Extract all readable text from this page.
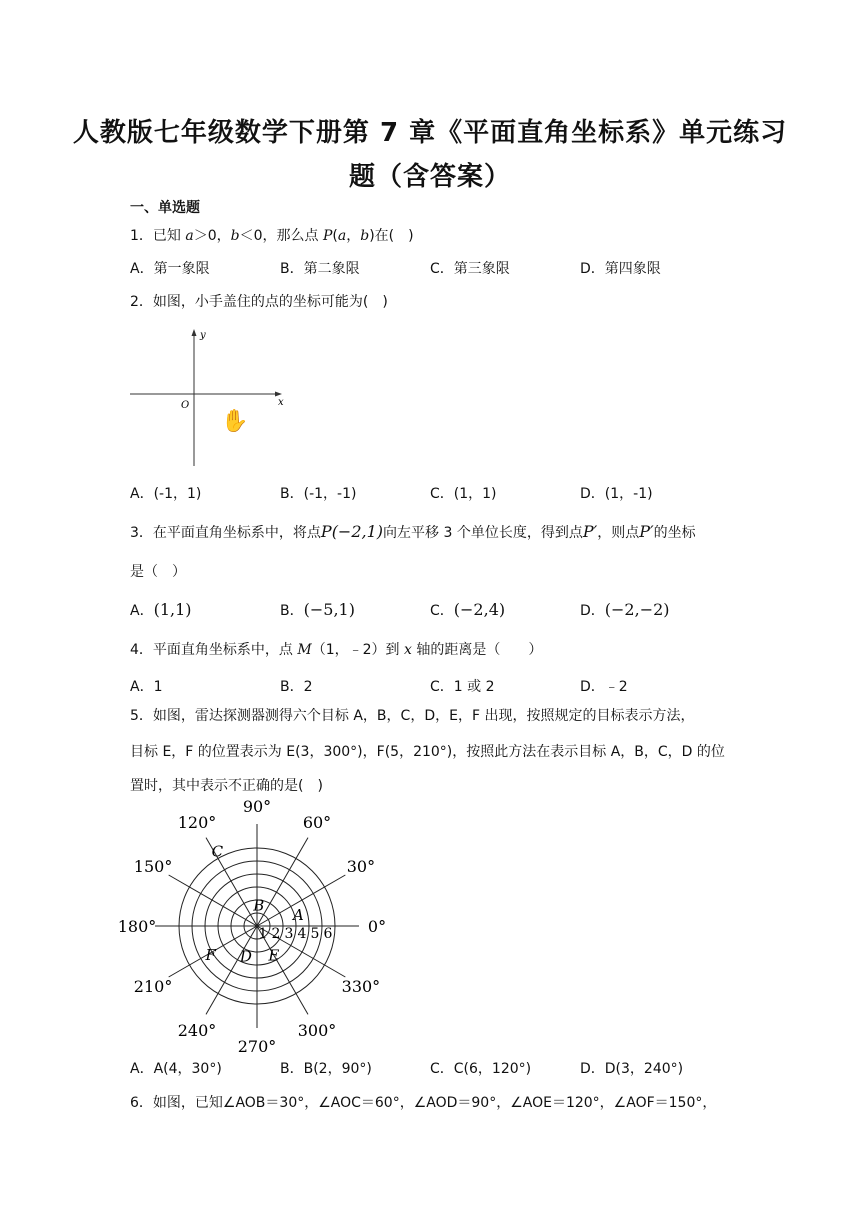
人教版七年级数学下册第 7 章《平面直角坐标系》单元练习
题（含答案）
一、单选题
1．已知 a＞0，b＜0，那么点 P(a，b)在(　)
A．第一象限	B．第二象限	C．第三象限	D．第四象限
2．如图，小手盖住的点的坐标可能为(　)
y
x
O
✋
A．(-1，1)	B．(-1，-1)	C．(1，1)	D．(1，-1)
3．在平面直角坐标系中，将点P(−2,1)向左平移 3 个单位长度，得到点P′，则点P′的坐标
是（　）
A．(1,1)	B．(−5,1)	C．(−2,4)	D．(−2,−2)
4．平面直角坐标系中，点 M（1，﹣2）到 x 轴的距离是（　　）
A．1	B．2	C．1 或 2	D．﹣2
5．如图，雷达探测器测得六个目标 A，B，C，D，E，F 出现，按照规定的目标表示方法，
目标 E，F 的位置表示为 E(3，300°)，F(5，210°)，按照此方法在表示目标 A，B，C，D 的位
置时，其中表示不正确的是(　)
0°
30°
60°
90°
120°
150°
180°
210°
240°
270°
300°
330°
1 2 3 4 5 6
A
B
C
D E
F
A．A(4，30°)	B．B(2，90°)	C．C(6，120°)	D．D(3，240°)
6．如图，已知∠AOB＝30°，∠AOC＝60°，∠AOD＝90°，∠AOE＝120°，∠AOF＝150°，
